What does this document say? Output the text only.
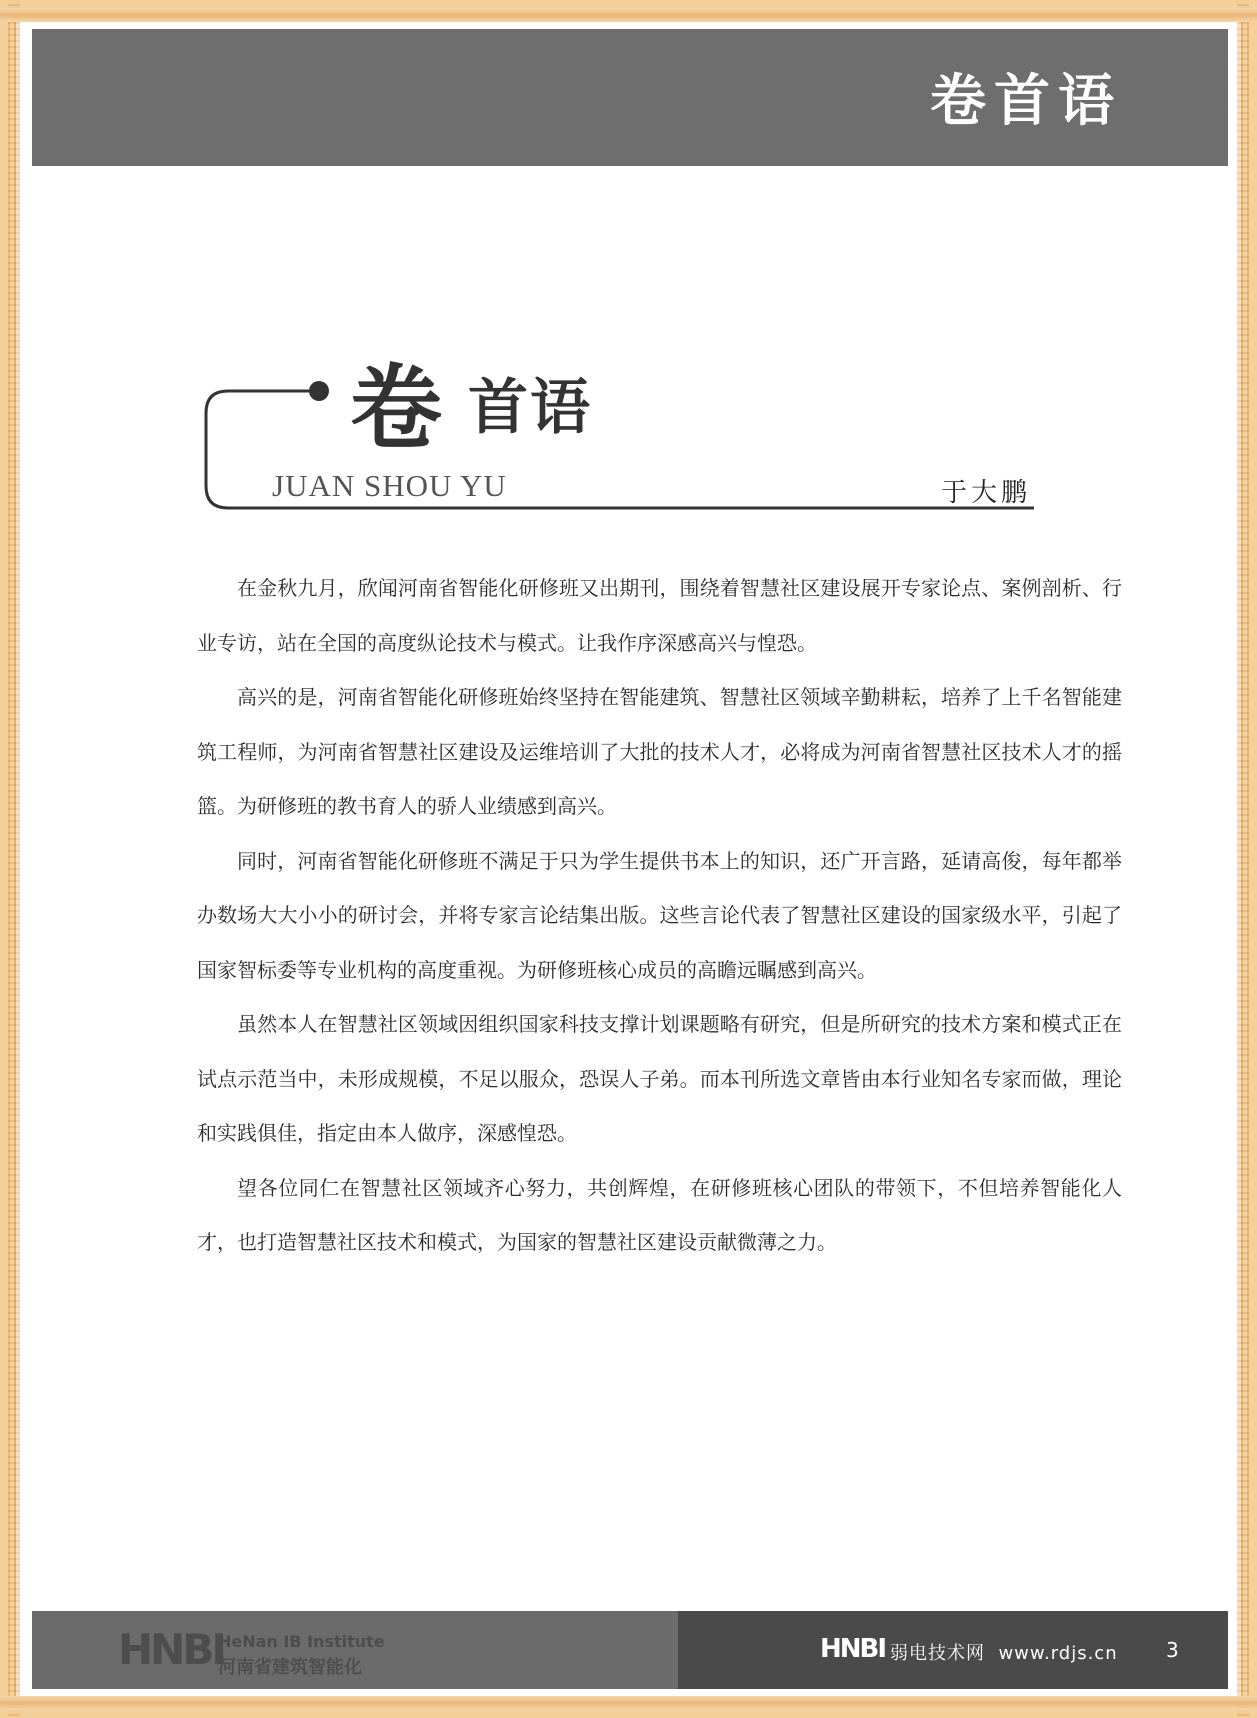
卷首语
卷 首语
JUAN SHOU YU	于大鹏

在金秋九月，欣闻河南省智能化研修班又出期刊，围绕着智慧社区建设展开专家论点、案例剖析、行业专访，站在全国的高度纵论技术与模式。让我作序深感高兴与惶恐。

高兴的是，河南省智能化研修班始终坚持在智能建筑、智慧社区领域辛勤耕耘，培养了上千名智能建筑工程师，为河南省智慧社区建设及运维培训了大批的技术人才，必将成为河南省智慧社区技术人才的摇篮。为研修班的教书育人的骄人业绩感到高兴。

同时，河南省智能化研修班不满足于只为学生提供书本上的知识，还广开言路，延请高俊，每年都举办数场大大小小的研讨会，并将专家言论结集出版。这些言论代表了智慧社区建设的国家级水平，引起了国家智标委等专业机构的高度重视。为研修班核心成员的高瞻远瞩感到高兴。

虽然本人在智慧社区领域因组织国家科技支撑计划课题略有研究，但是所研究的技术方案和模式正在试点示范当中，未形成规模，不足以服众，恐误人子弟。而本刊所选文章皆由本行业知名专家而做，理论和实践俱佳，指定由本人做序，深感惶恐。

望各位同仁在智慧社区领域齐心努力，共创辉煌，在研修班核心团队的带领下，不但培养智能化人才，也打造智慧社区技术和模式，为国家的智慧社区建设贡献微薄之力。

HNBI
HeNan IB Institute
河南省建筑智能化
HNBI 弱电技术网 www.rdjs.cn 3
